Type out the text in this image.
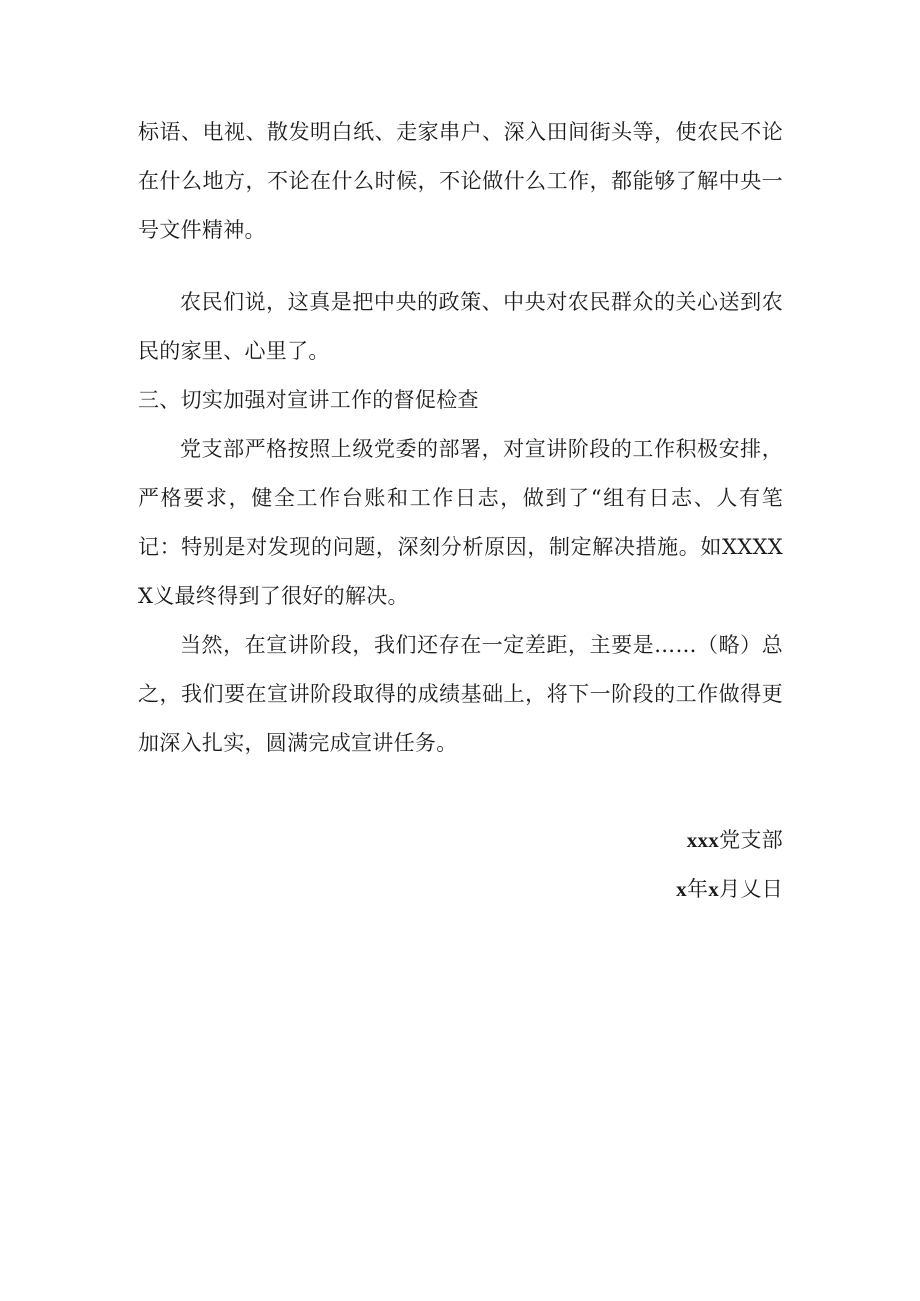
标语、电视、散发明白纸、走家串户、深入田间街头等，使农民不论在什么地方，不论在什么时候，不论做什么工作，都能够了解中央一号文件精神。

农民们说，这真是把中央的政策、中央对农民群众的关心送到农民的家里、心里了。

三、切实加强对宣讲工作的督促检查

党支部严格按照上级党委的部署，对宣讲阶段的工作积极安排，严格要求，健全工作台账和工作日志，做到了“组有日志、人有笔记：特别是对发现的问题，深刻分析原因，制定解决措施。如XXXXX义最终得到了很好的解决。

当然，在宣讲阶段，我们还存在一定差距，主要是……（略）总之，我们要在宣讲阶段取得的成绩基础上，将下一阶段的工作做得更加深入扎实，圆满完成宣讲任务。

xxx党支部

x年x月乂日
